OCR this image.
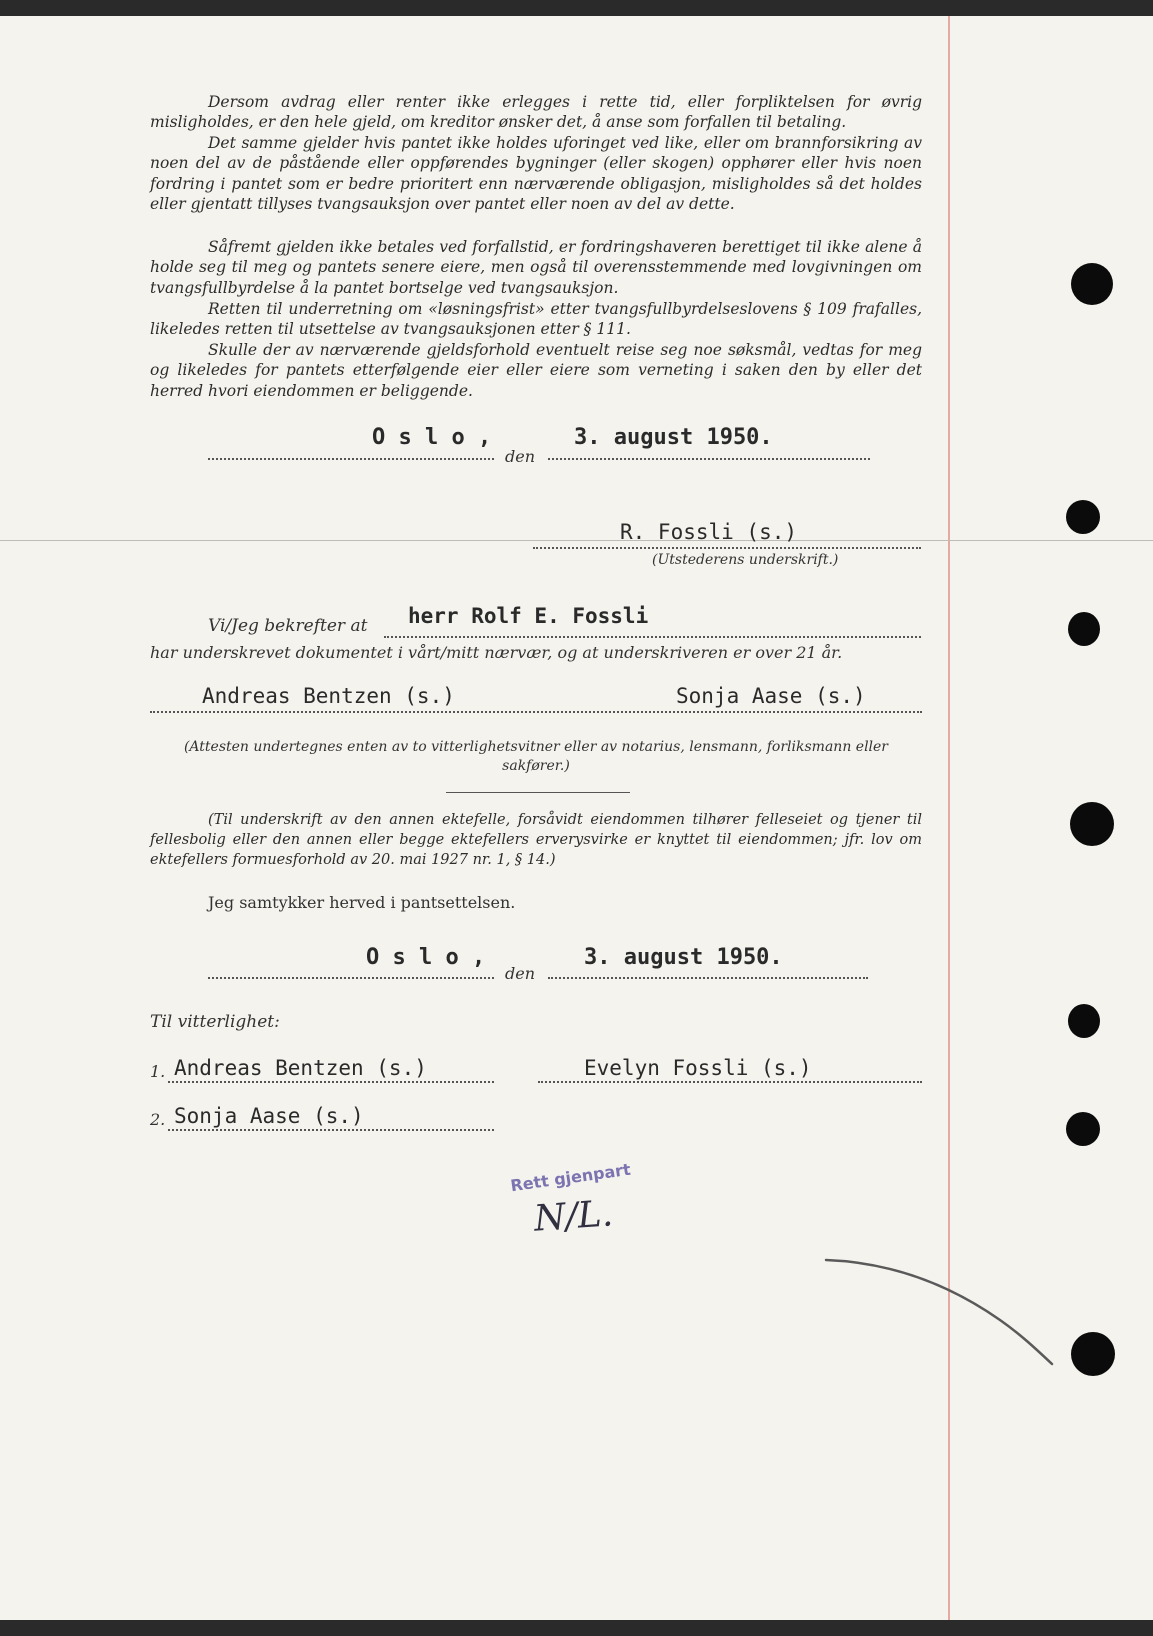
Dersom avdrag eller renter ikke erlegges i rette tid, eller forpliktelsen for øvrig misligholdes, er den hele gjeld, om kreditor ønsker det, å anse som forfallen til betaling.

Det samme gjelder hvis pantet ikke holdes uforinget ved like, eller om brannforsikring av noen del av de påstående eller oppførendes bygninger (eller skogen) opphører eller hvis noen fordring i pantet som er bedre prioritert enn nærværende obligasjon, misligholdes så det holdes eller gjentatt tillyses tvangsauksjon over pantet eller noen av del av dette.

Såfremt gjelden ikke betales ved forfallstid, er fordringshaveren berettiget til ikke alene å holde seg til meg og pantets senere eiere, men også til overensstemmende med lovgivningen om tvangsfullbyrdelse å la pantet bortselge ved tvangsauksjon.

Retten til underretning om «løsningsfrist» etter tvangsfullbyrdelseslovens § 109 frafalles, likeledes retten til utsettelse av tvangsauksjonen etter § 111.

Skulle der av nærværende gjeldsforhold eventuelt reise seg noe søksmål, vedtas for meg og likeledes for pantets etterfølgende eier eller eiere som verneting i saken den by eller det herred hvori eiendommen er beliggende.

O s l o ,
den
3. august 1950.
R. Fossli (s.)
(Utstederens underskrift.)
Vi/Jeg bekrefter at herr Rolf E. Fossli
har underskrevet dokumentet i vårt/mitt nærvær, og at underskriveren er over 21 år.
Andreas Bentzen (s.)	Sonja Aase (s.)
(Attesten undertegnes enten av to vitterlighetsvitner eller av notarius, lensmann, forliksmann eller sakfører.)

(Til underskrift av den annen ektefelle, forsåvidt eiendommen tilhører felleseiet og tjener til fellesbolig eller den annen eller begge ektefellers erverysvirke er knyttet til eiendommen; jfr. lov om ektefellers formuesforhold av 20. mai 1927 nr. 1, § 14.)

Jeg samtykker herved i pantsettelsen.
O s l o ,
den
3. august 1950.
Til vitterlighet:
1. Andreas Bentzen (s.)	Evelyn Fossli (s.)
2. Sonja Aase (s.)
Rett gjenpart
N/L.
